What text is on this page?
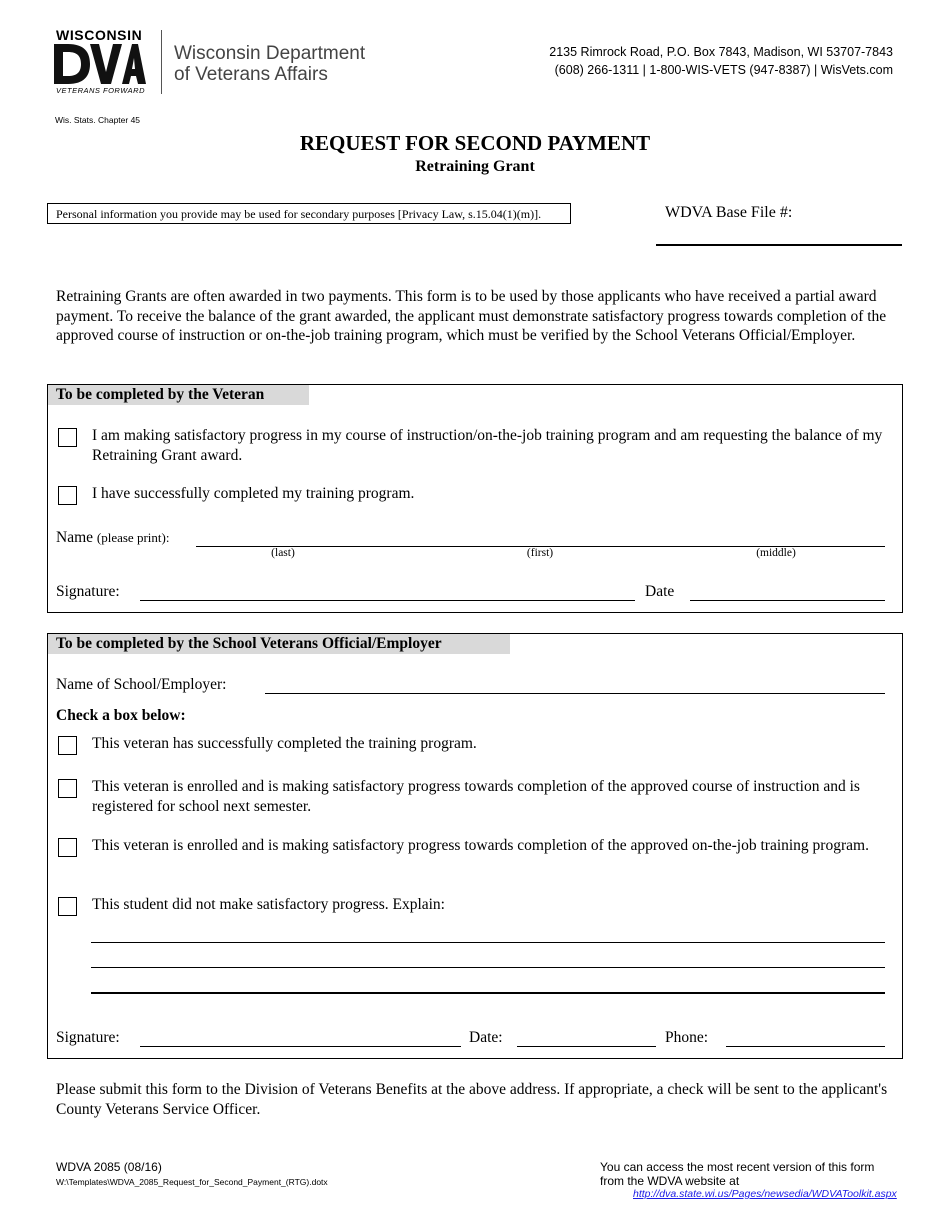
WISCONSIN
VETERANS FORWARD
Wisconsin Department
of Veterans Affairs
2135 Rimrock Road, P.O. Box 7843, Madison, WI 53707-7843
(608) 266-1311 | 1-800-WIS-VETS (947-8387) | WisVets.com
Wis. Stats. Chapter 45
REQUEST FOR SECOND PAYMENT
Retraining Grant
Personal information you provide may be used for secondary purposes [Privacy Law, s.15.04(1)(m)].	WDVA Base File #:
Retraining Grants are often awarded in two payments. This form is to be used by those applicants who have received a partial award payment. To receive the balance of the grant awarded, the applicant must demonstrate satisfactory progress towards completion of the approved course of instruction or on-the-job training program, which must be verified by the School Veterans Official/Employer.
To be completed by the Veteran
I am making satisfactory progress in my course of instruction/on-the-job training program and am requesting the balance of my Retraining Grant award.
I have successfully completed my training program.
Name (please print):
(last)	(first)	(middle)
Signature:	Date
To be completed by the School Veterans Official/Employer
Name of School/Employer:
Check a box below:
This veteran has successfully completed the training program.
This veteran is enrolled and is making satisfactory progress towards completion of the approved course of instruction and is registered for school next semester.
This veteran is enrolled and is making satisfactory progress towards completion of the approved on-the-job training program.
This student did not make satisfactory progress. Explain:
Signature:	Date:	Phone:
Please submit this form to the Division of Veterans Benefits at the above address. If appropriate, a check will be sent to the applicant's County Veterans Service Officer.
WDVA 2085 (08/16)
W:\Templates\WDVA_2085_Request_for_Second_Payment_(RTG).dotx
You can access the most recent version of this form
from the WDVA website at
http://dva.state.wi.us/Pages/newsedia/WDVAToolkit.aspx
